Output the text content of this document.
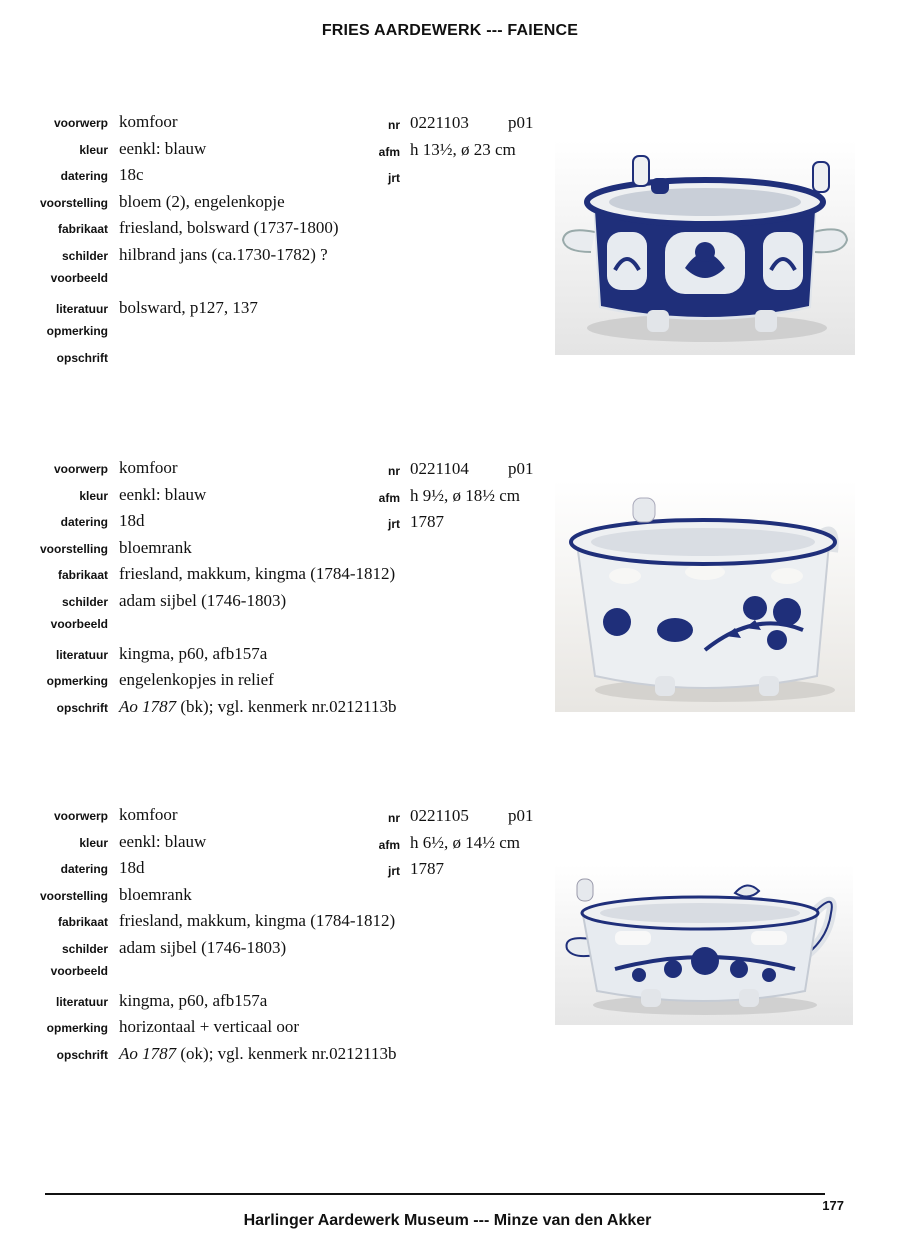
FRIES AARDEWERK --- FAIENCE
voorwerp komfoor
kleur eenkl: blauw
datering 18c
voorstelling bloem (2), engelenkopje
fabrikaat friesland, bolsward (1737-1800)
schilder hilbrand jans (ca.1730-1782) ?
voorbeeld
literatuur bolsward, p127, 137
opmerking
opschrift
nr 0221103 p01
afm h 13½, ø 23 cm
jrt
voorwerp komfoor
kleur eenkl: blauw
datering 18d
voorstelling bloemrank
fabrikaat friesland, makkum, kingma (1784-1812)
schilder adam sijbel (1746-1803)
voorbeeld
literatuur kingma, p60, afb157a
opmerking engelenkopjes in relief
opschrift Ao 1787 (bk); vgl. kenmerk nr.0212113b
nr 0221104 p01
afm h 9½, ø 18½ cm
jrt 1787
voorwerp komfoor
kleur eenkl: blauw
datering 18d
voorstelling bloemrank
fabrikaat friesland, makkum, kingma (1784-1812)
schilder adam sijbel (1746-1803)
voorbeeld
literatuur kingma, p60, afb157a
opmerking horizontaal + verticaal oor
opschrift Ao 1787 (ok); vgl. kenmerk nr.0212113b
nr 0221105 p01
afm h 6½, ø 14½ cm
jrt 1787
177
Harlinger Aardewerk Museum --- Minze van den Akker
